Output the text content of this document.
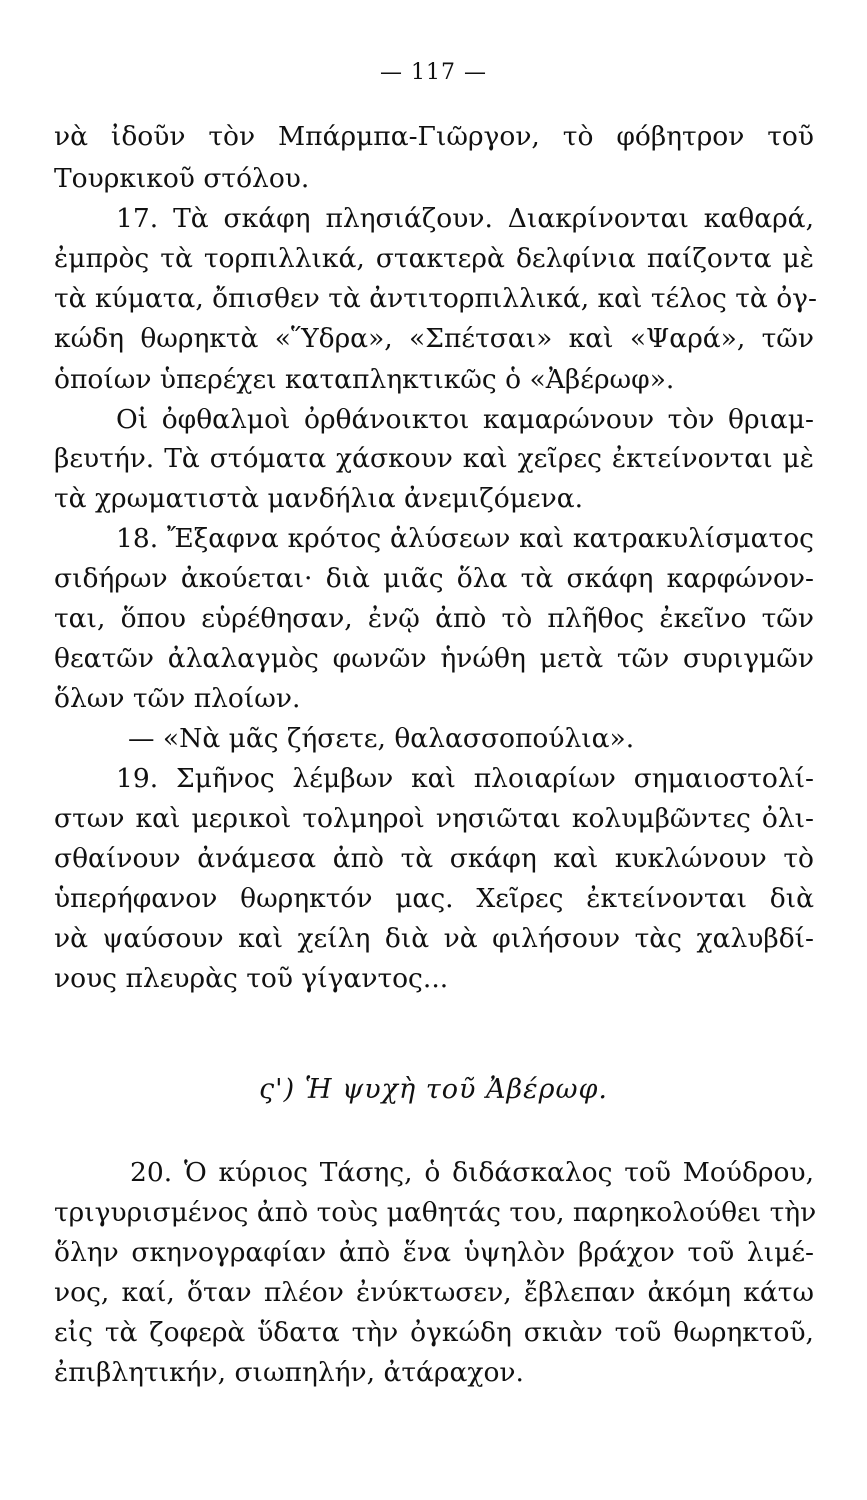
— 117 —
νὰ ἰδοῦν τὸν Μπάρμπα-Γιῶργον, τὸ φόβητρον τοῦ
Τουρκικοῦ στόλου.
17. Τὰ σκάφη πλησιάζουν. Διακρίνονται καθαρά,
ἐμπρὸς τὰ τορπιλλικά, στακτερὰ δελφίνια παίζοντα μὲ
τὰ κύματα, ὄπισθεν τὰ ἀντιτορπιλλικά, καὶ τέλος τὰ ὀγ-
κώδη θωρηκτὰ «Ὕδρα», «Σπέτσαι» καὶ «Ψαρά», τῶν
ὁποίων ὑπερέχει καταπληκτικῶς ὁ «Ἀβέρωφ».
Οἱ ὀφθαλμοὶ ὀρθάνοικτοι καμαρώνουν τὸν θριαμ-
βευτήν. Τὰ στόματα χάσκουν καὶ χεῖρες ἐκτείνονται μὲ
τὰ χρωματιστὰ μανδήλια ἀνεμιζόμενα.
18. Ἔξαφνα κρότος ἁλύσεων καὶ κατρακυλίσματος
σιδήρων ἀκούεται· διὰ μιᾶς ὅλα τὰ σκάφη καρφώνον-
ται, ὅπου εὑρέθησαν, ἐνῷ ἀπὸ τὸ πλῆθος ἐκεῖνο τῶν
θεατῶν ἀλαλαγμὸς φωνῶν ἡνώθη μετὰ τῶν συριγμῶν
ὅλων τῶν πλοίων.
— «Νὰ μᾶς ζήσετε, θαλασσοπούλια».
19. Σμῆνος λέμβων καὶ πλοιαρίων σημαιοστολί-
στων καὶ μερικοὶ τολμηροὶ νησιῶται κολυμβῶντες ὀλι-
σθαίνουν ἀνάμεσα ἀπὸ τὰ σκάφη καὶ κυκλώνουν τὸ
ὑπερήφανον θωρηκτόν μας. Χεῖρες ἐκτείνονται διὰ
νὰ ψαύσουν καὶ χείλη διὰ νὰ φιλήσουν τὰς χαλυβδί-
νους πλευρὰς τοῦ γίγαντος...
ς') Ἡ ψυχὴ τοῦ Ἀβέρωφ.
20. Ὁ κύριος Τάσης, ὁ διδάσκαλος τοῦ Μούδρου,
τριγυρισμένος ἀπὸ τοὺς μαθητάς του, παρηκολούθει τὴν
ὅλην σκηνογραφίαν ἀπὸ ἕνα ὑψηλὸν βράχον τοῦ λιμέ-
νος, καί, ὅταν πλέον ἐνύκτωσεν, ἔβλεπαν ἀκόμη κάτω
εἰς τὰ ζοφερὰ ὕδατα τὴν ὀγκώδη σκιὰν τοῦ θωρηκτοῦ,
ἐπιβλητικήν, σιωπηλήν, ἀτάραχον.
